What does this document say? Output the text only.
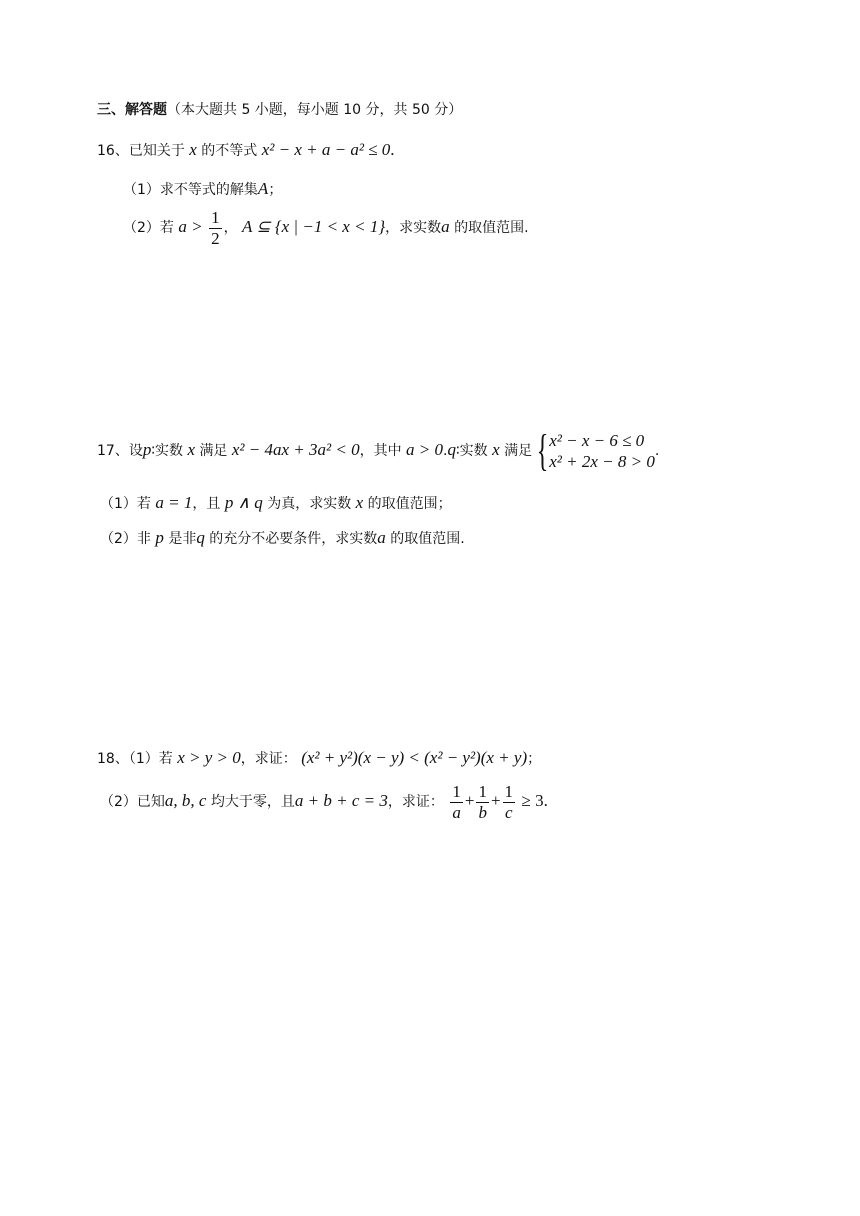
三、解答题（本大题共 5 小题，每小题 10 分，共 50 分）
16、已知关于 x 的不等式 x² − x + a − a² ≤ 0.
（1）求不等式的解集A；
（2）若 $a > \frac{1}{2}$ ， A ⊆ {x | −1 < x < 1}，求实数a 的取值范围.
17、设p∶实数 x 满足 x² − 4ax + 3a² < 0，其中 a > 0.q∶实数 x 满足 { x² − x − 6 ≤ 0
x² + 2x − 8 > 0
.
（1）若 a = 1，且 p ∧ q 为真，求实数 x 的取值范围；
（2）非 p 是非q 的充分不必要条件，求实数a 的取值范围.
18、（1）若 x > y > 0，求证： (x² + y²)(x − y) < (x² − y²)(x + y)；
（2）已知a, b, c 均大于零，且a + b + c = 3，求证： $\frac{1}{a} + \frac{1}{b} + \frac{1}{c} \ge 3$.
